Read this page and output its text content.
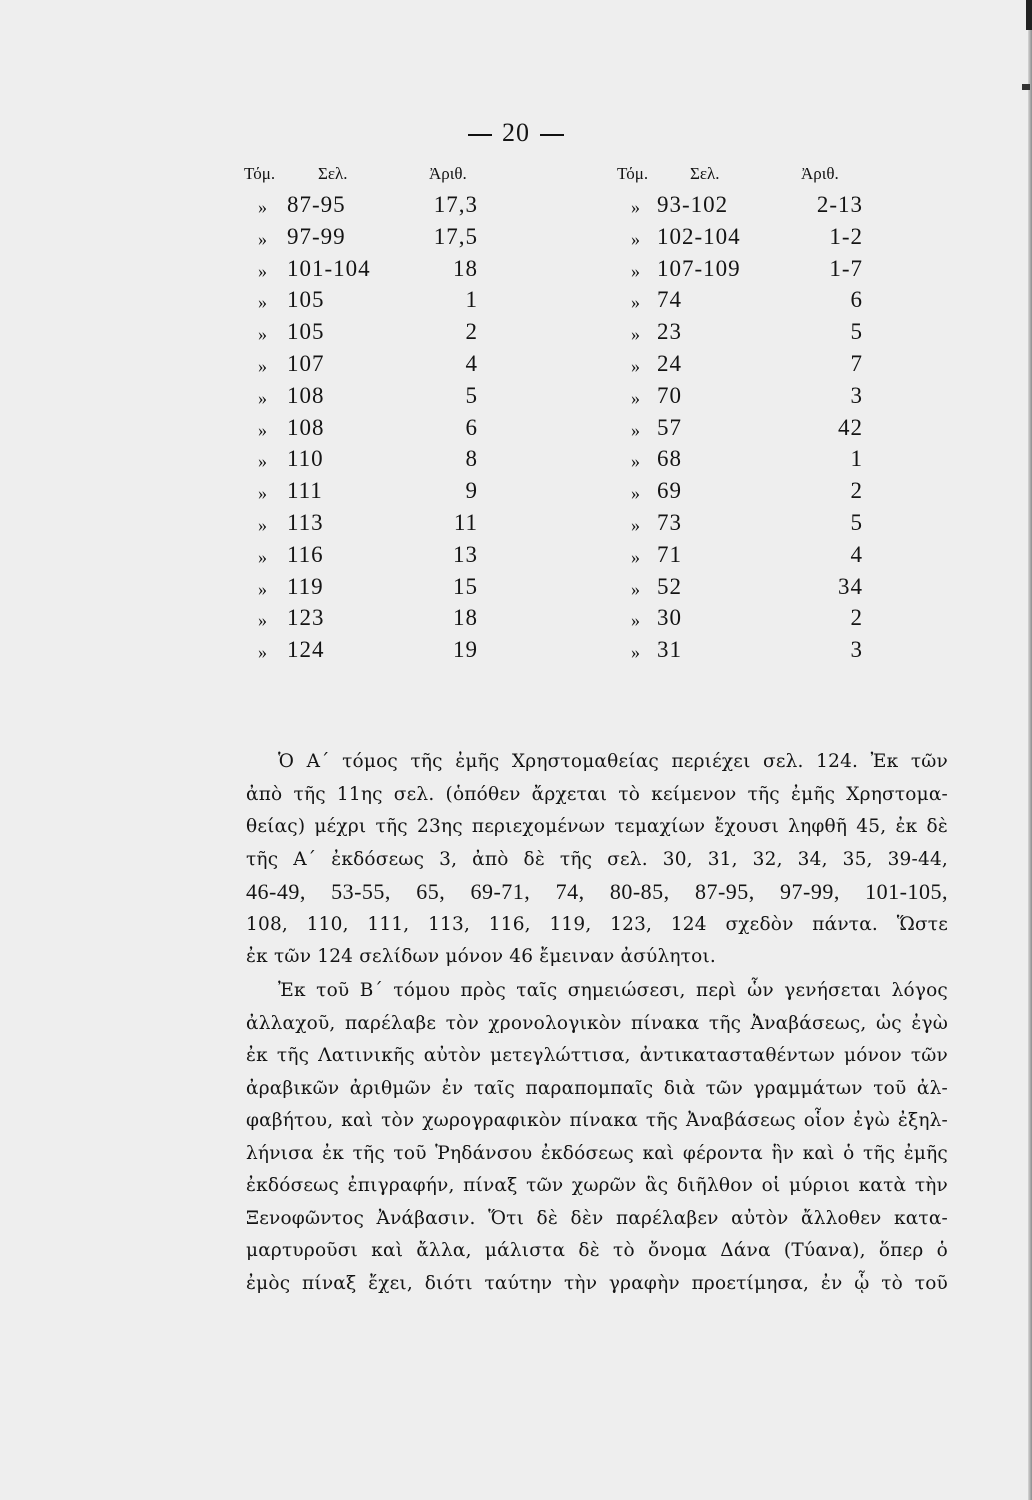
20
Τόμ.	Σελ.	Ἀριθ.
» 87-95	17,3
» 97-99	17,5
» 101-104	18
» 105	1
» 105	2
» 107	4
» 108	5
» 108	6
» 110	8
» 111	9
» 113	11
» 116	13
» 119	15
» 123	18
» 124	19
Τόμ. Σελ.	Ἀριθ.
» 93-102	2-13
» 102-104	1-2
» 107-109	1-7
» 74	6
» 23	5
» 24	7
» 70	3
» 57	42
» 68	1
» 69	2
» 73	5
» 71	4
» 52	34
» 30	2
» 31	3
Ὁ Α΄ τόμος τῆς ἐμῆς Χρηστομαθείας περιέχει σελ. 124. Ἐκ τῶν
ἀπὸ τῆς 11ης σελ. (ὁπόθεν ἄρχεται τὸ κείμενον τῆς ἐμῆς Χρηστομα-
θείας) μέχρι τῆς 23ης περιεχομένων τεμαχίων ἔχουσι ληφθῆ 45, ἐκ δὲ
τῆς Α΄ ἐκδόσεως 3, ἀπὸ δὲ τῆς σελ. 30, 31, 32, 34, 35, 39-44,
46-49, 53-55, 65, 69-71, 74, 80-85, 87-95, 97-99, 101-105,
108, 110, 111, 113, 116, 119, 123, 124 σχεδὸν πάντα. Ὥστε
ἐκ τῶν 124 σελίδων μόνον 46 ἔμειναν ἀσύλητοι.
Ἐκ τοῦ Β΄ τόμου πρὸς ταῖς σημειώσεσι, περὶ ὧν γενήσεται λόγος
ἀλλαχοῦ, παρέλαβε τὸν χρονολογικὸν πίνακα τῆς Ἀναβάσεως, ὡς ἐγὼ
ἐκ τῆς Λατινικῆς αὐτὸν μετεγλώττισα, ἀντικατασταθέντων μόνον τῶν
ἀραβικῶν ἀριθμῶν ἐν ταῖς παραπομπαῖς διὰ τῶν γραμμάτων τοῦ ἀλ-
φαβήτου, καὶ τὸν χωρογραφικὸν πίνακα τῆς Ἀναβάσεως οἷον ἐγὼ ἐξηλ-
λήνισα ἐκ τῆς τοῦ Ῥηδάνσου ἐκδόσεως καὶ φέροντα ἣν καὶ ὁ τῆς ἐμῆς
ἐκδόσεως ἐπιγραφήν, πίναξ τῶν χωρῶν ἃς διῆλθον οἱ μύριοι κατὰ τὴν
Ξενοφῶντος Ἀνάβασιν. Ὅτι δὲ δὲν παρέλαβεν αὐτὸν ἄλλοθεν κατα-
μαρτυροῦσι καὶ ἄλλα, μάλιστα δὲ τὸ ὄνομα Δάνα (Τύανα), ὅπερ ὁ
ἐμὸς πίναξ ἔχει, διότι ταύτην τὴν γραφὴν προετίμησα, ἐν ᾧ τὸ τοῦ
